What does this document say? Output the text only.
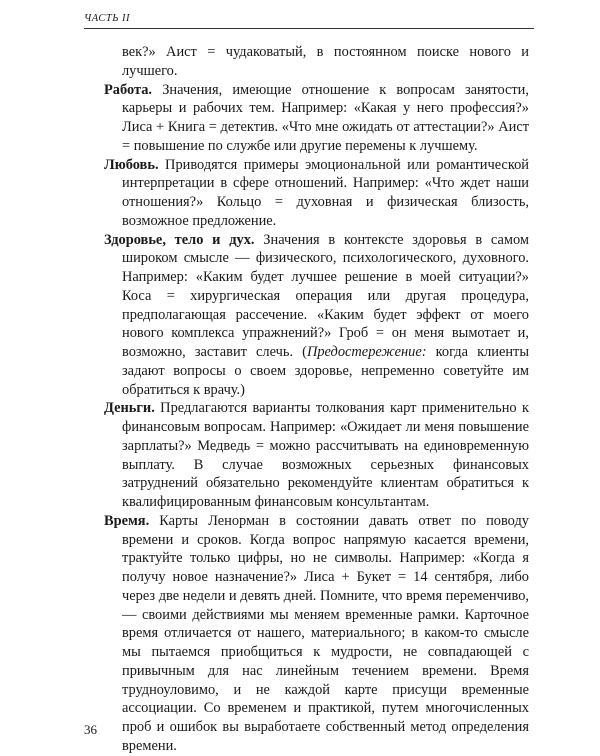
ЧАСТЬ II

век?» Аист = чудаковатый, в постоянном поиске нового и лучшего.

Работа. Значения, имеющие отношение к вопросам занятости, карьеры и рабочих тем. Например: «Какая у него профессия?» Лиса + Книга = детектив. «Что мне ожидать от аттестации?» Аист = повышение по службе или другие перемены к лучшему.

Любовь. Приводятся примеры эмоциональной или романтической интерпретации в сфере отношений. Например: «Что ждет наши отношения?» Кольцо = духовная и физическая близость, возможное предложение.

Здоровье, тело и дух. Значения в контексте здоровья в самом широком смысле — физического, психологического, духовного. Например: «Каким будет лучшее решение в моей ситуации?» Коса = хирургическая операция или другая процедура, предполагающая рассечение. «Каким будет эффект от моего нового комплекса упражнений?» Гроб = он меня вымотает и, возможно, заставит слечь. (Предостережение: когда клиенты задают вопросы о своем здоровье, непременно советуйте им обратиться к врачу.)

Деньги. Предлагаются варианты толкования карт применительно к финансовым вопросам. Например: «Ожидает ли меня повышение зарплаты?» Медведь = можно рассчитывать на единовременную выплату. В случае возможных серьезных финансовых затруднений обязательно рекомендуйте клиентам обратиться к квалифицированным финансовым консультантам.

Время. Карты Ленорман в состоянии давать ответ по поводу времени и сроков. Когда вопрос напрямую касается времени, трактуйте только цифры, но не символы. Например: «Когда я получу новое назначение?» Лиса + Букет = 14 сентября, либо через две недели и девять дней. Помните, что время переменчиво, — своими действиями мы меняем временные рамки. Карточное время отличается от нашего, материального; в каком-то смысле мы пытаемся приобщиться к мудрости, не совпадающей с привычным для нас линейным течением времени. Время трудноуловимо, и не каждой карте присущи временные ассоциации. Со временем и практикой, путем многочисленных проб и ошибок вы выработаете собственный метод определения времени.

36
